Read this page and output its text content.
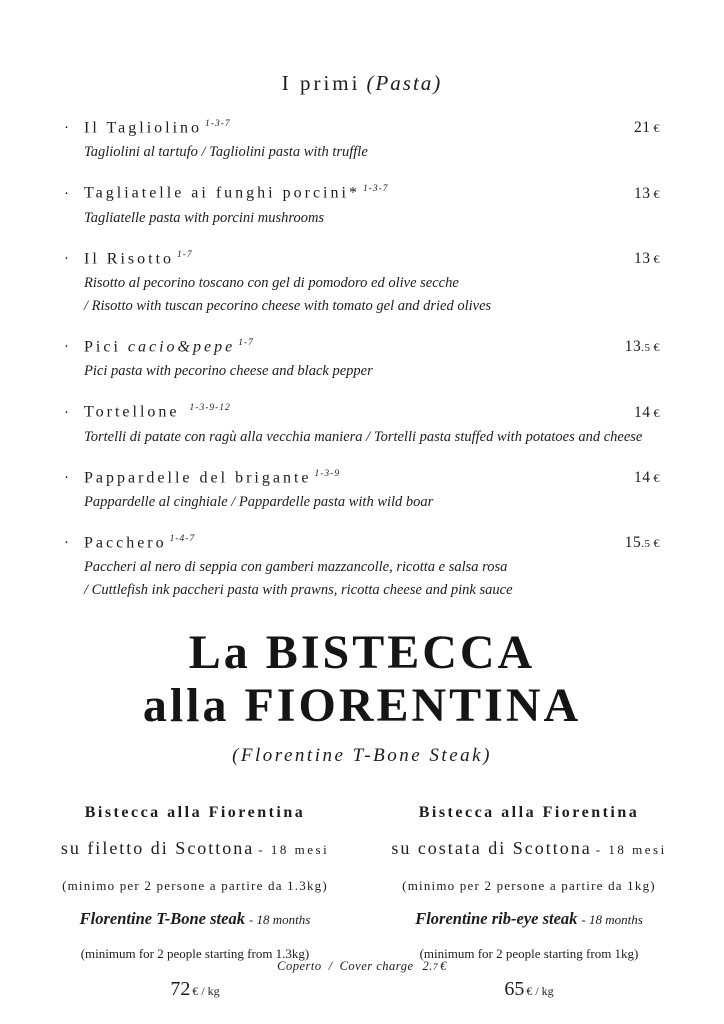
I primi (Pasta)
· Il Tagliolino $^{1-3-7}$	21 €
Tagliolini al tartufo / Tagliolini pasta with truffle
· Tagliatelle ai funghi porcini* $^{1-3-7}$	13 €
Tagliatelle pasta with porcini mushrooms
· Il Risotto $^{1-7}$	13 €
Risotto al pecorino toscano con gel di pomodoro ed olive secche
/ Risotto with tuscan pecorino cheese with tomato gel and dried olives
· Pici cacio&pepe $^{1-7}$	13.5 €
Pici pasta with pecorino cheese and black pepper
· Tortellone $^{1-3-9-12}$	14 €
Tortelli di patate con ragù alla vecchia maniera / Tortelli pasta stuffed with potatoes and cheese
· Pappardelle del brigante $^{1-3-9}$	14 €
Pappardelle al cinghiale / Pappardelle pasta with wild boar
· Pacchero $^{1-4-7}$	15.5 €
Paccheri al nero di seppia con gamberi mazzancolle, ricotta e salsa rosa
/ Cuttlefish ink paccheri pasta with prawns, ricotta cheese and pink sauce
La BISTECCA
alla FIORENTINA
(Florentine T-Bone Steak)
Bistecca alla Fiorentina
su filetto di Scottona - 18 mesi
(minimo per 2 persone a partire da 1.3kg)
Florentine T-Bone steak - 18 months
(minimum for 2 people starting from 1.3kg)
72 € / kg
Bistecca alla Fiorentina
su costata di Scottona - 18 mesi
(minimo per 2 persone a partire da 1kg)
Florentine rib-eye steak - 18 months
(minimum for 2 people starting from 1kg)
65 € / kg
Coperto / Cover charge 2.7 €
